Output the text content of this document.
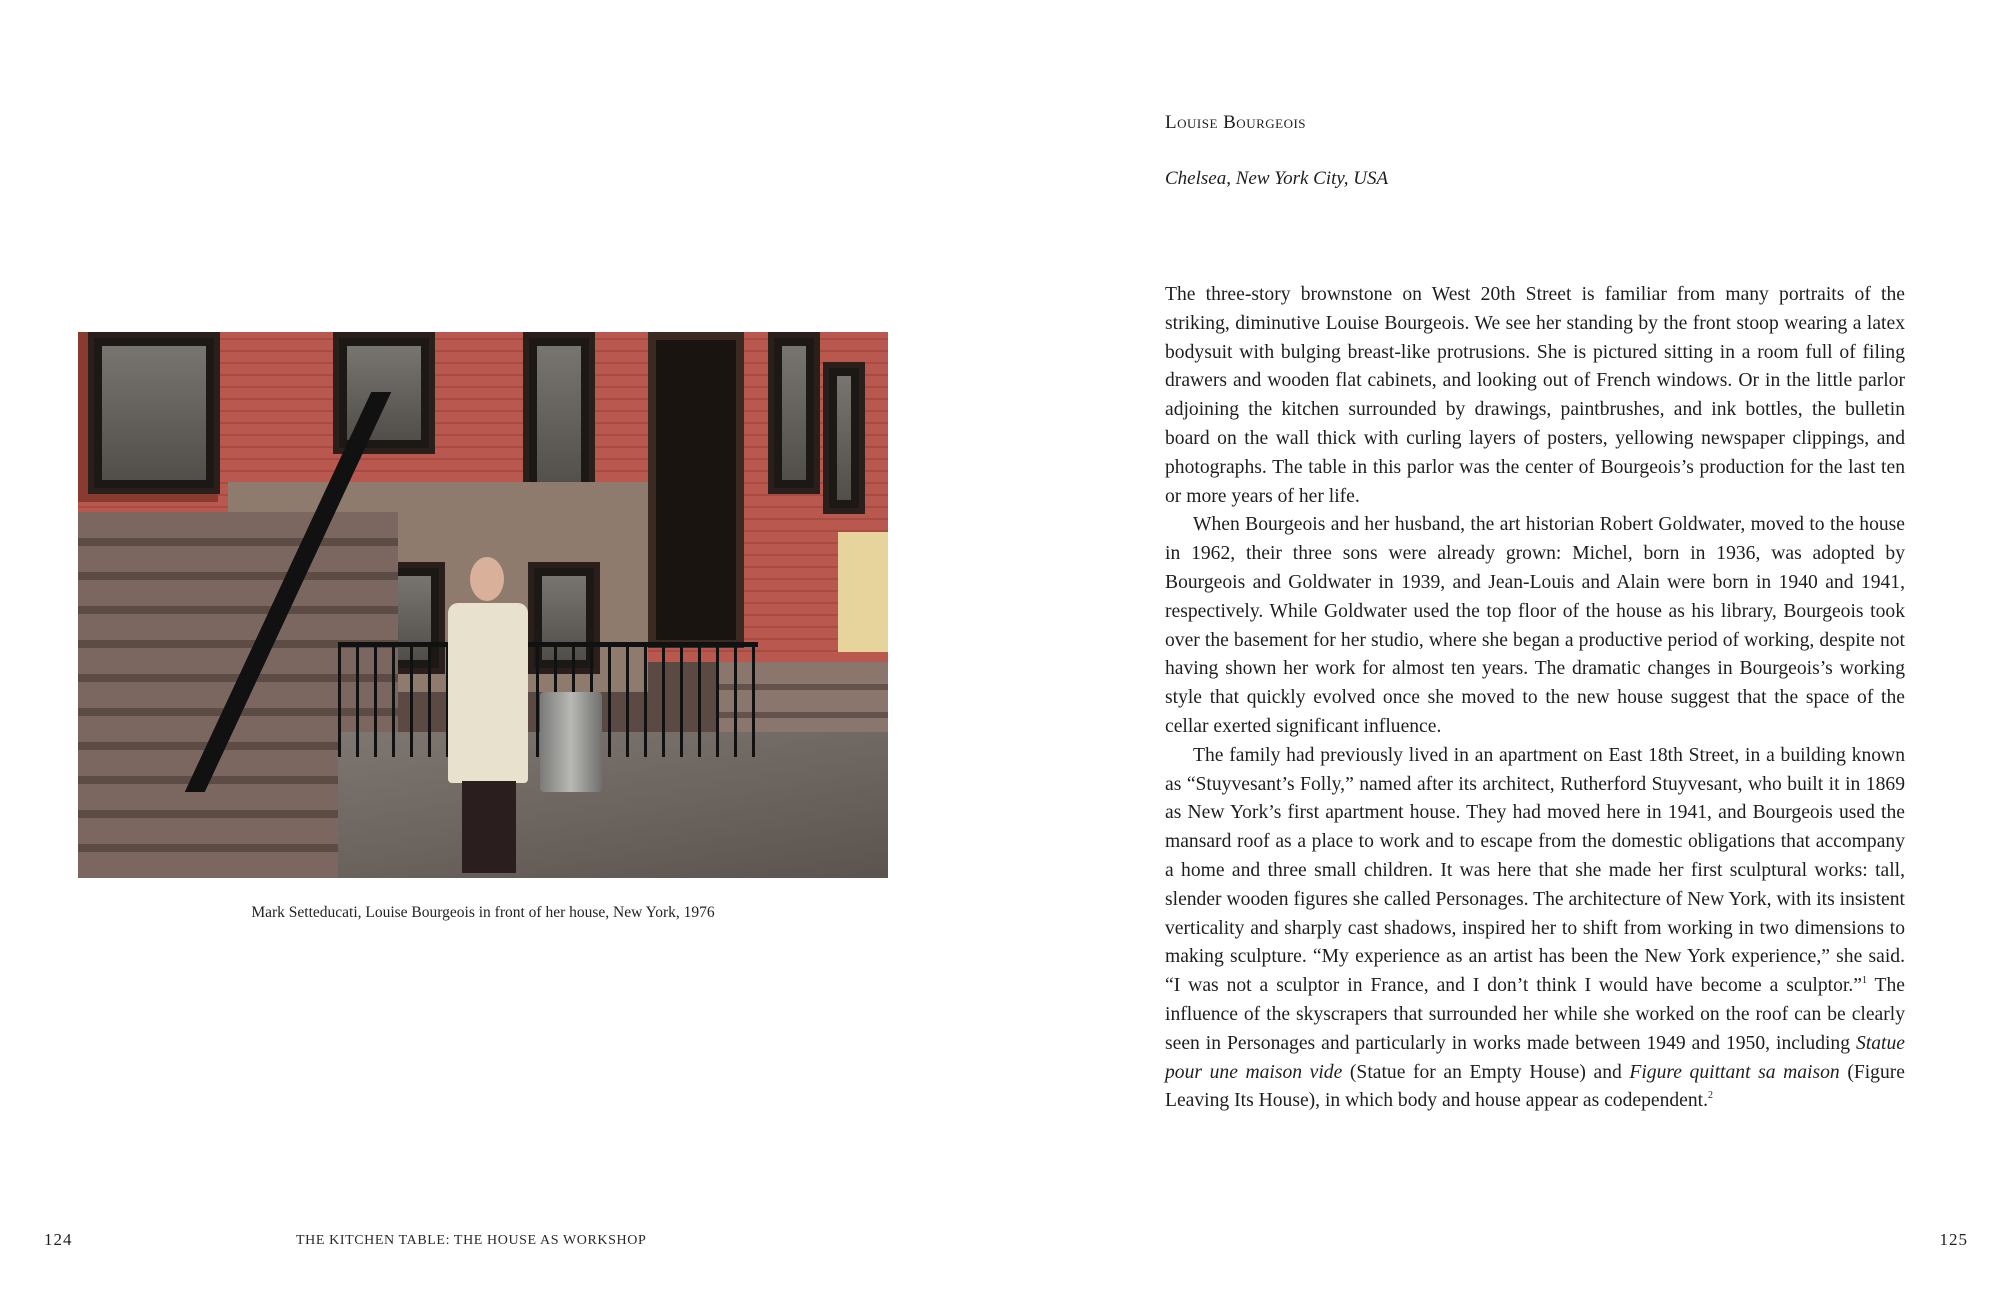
Mark Setteducati, Louise Bourgeois in front of her house, New York, 1976
124	THE KITCHEN TABLE: THE HOUSE AS WORKSHOP
Louise Bourgeois
Chelsea, New York City, USA

The three-story brownstone on West 20th Street is familiar from many portraits of the striking, diminutive Louise Bourgeois. We see her standing by the front stoop wearing a latex bodysuit with bulging breast-like protrusions. She is pictured sitting in a room full of filing drawers and wooden flat cabinets, and looking out of French windows. Or in the little parlor adjoining the kitchen surrounded by drawings, paintbrushes, and ink bottles, the bulletin board on the wall thick with curling layers of posters, yellowing newspaper clippings, and photographs. The table in this parlor was the center of Bourgeois’s production for the last ten or more years of her life.

When Bourgeois and her husband, the art historian Robert Goldwater, moved to the house in 1962, their three sons were already grown: Michel, born in 1936, was adopted by Bourgeois and Goldwater in 1939, and Jean-Louis and Alain were born in 1940 and 1941, respectively. While Goldwater used the top floor of the house as his library, Bourgeois took over the basement for her studio, where she began a productive period of working, despite not having shown her work for almost ten years. The dramatic changes in Bourgeois’s working style that quickly evolved once she moved to the new house suggest that the space of the cellar exerted significant influence.

The family had previously lived in an apartment on East 18th Street, in a building known as “Stuyvesant’s Folly,” named after its architect, Rutherford Stuyvesant, who built it in 1869 as New York’s first apartment house. They had moved here in 1941, and Bourgeois used the mansard roof as a place to work and to escape from the domestic obligations that accompany a home and three small children. It was here that she made her first sculptural works: tall, slender wooden figures she called Personages. The architecture of New York, with its insistent verticality and sharply cast shadows, inspired her to shift from working in two dimensions to making sculpture. “My experience as an artist has been the New York experience,” she said. “I was not a sculptor in France, and I don’t think I would have become a sculptor.”$^1$ The influence of the skyscrapers that surrounded her while she worked on the roof can be clearly seen in Personages and particularly in works made between 1949 and 1950, including Statue pour une maison vide (Statue for an Empty House) and Figure quittant sa maison (Figure Leaving Its House), in which body and house appear as codependent.$^2$

125
